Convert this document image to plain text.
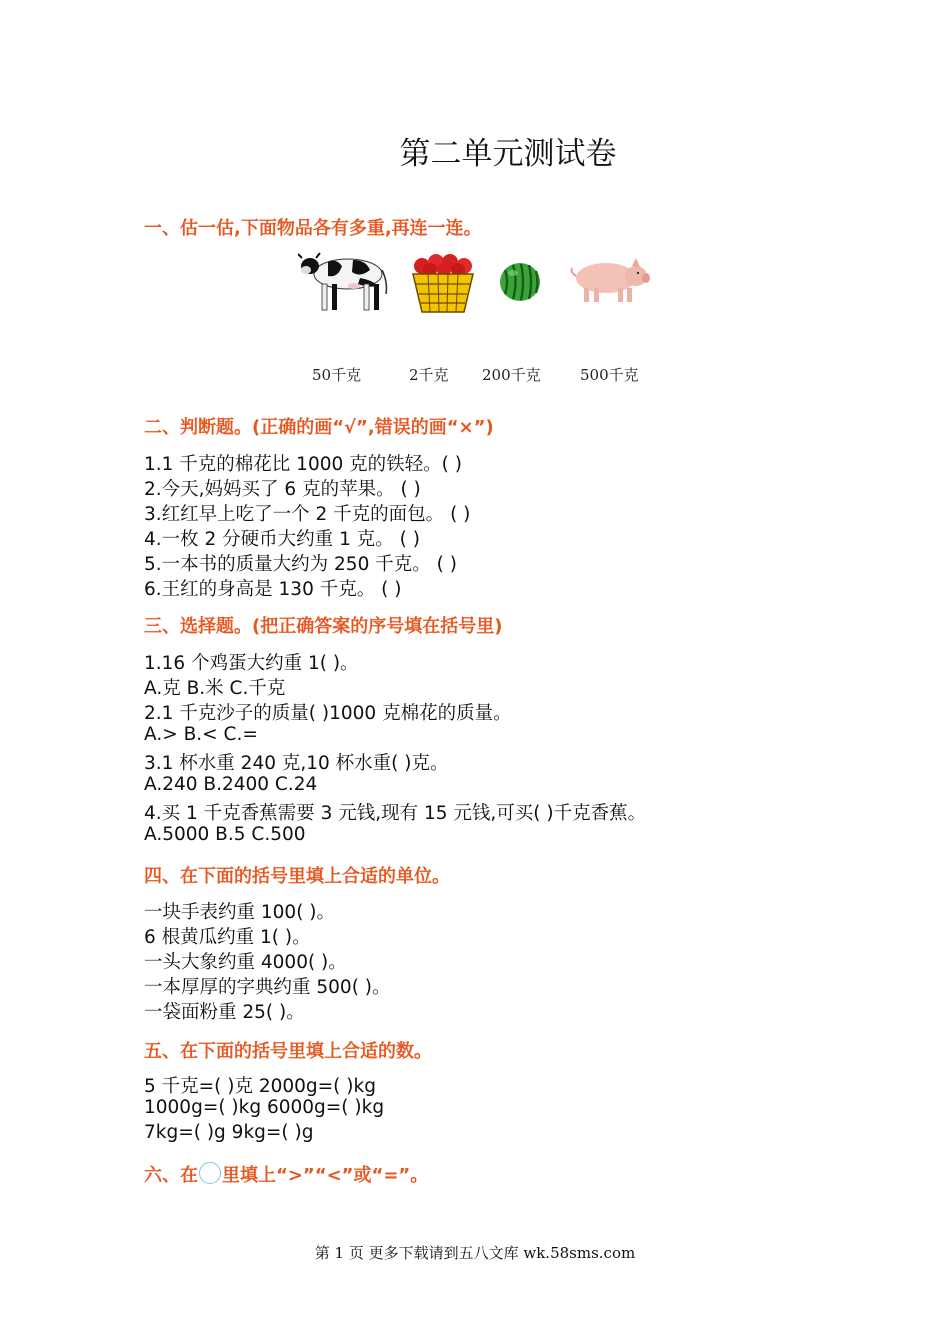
第二单元测试卷
一、估一估,下面物品各有多重,再连一连。
50千克	2千克 200千克	500千克
二、判断题。(正确的画“√”,错误的画“×”)
1.1 千克的棉花比 1000 克的铁轻。( )
2.今天,妈妈买了 6 克的苹果。 ( )
3.红红早上吃了一个 2 千克的面包。 ( )
4.一枚 2 分硬币大约重 1 克。 ( )
5.一本书的质量大约为 250 千克。 ( )
6.王红的身高是 130 千克。 ( )
三、选择题。(把正确答案的序号填在括号里)
1.16 个鸡蛋大约重 1( )。
A.克 B.米 C.千克
2.1 千克沙子的质量( )1000 克棉花的质量。
A.> B.< C.=
3.1 杯水重 240 克,10 杯水重( )克。
A.240 B.2400 C.24
4.买 1 千克香蕉需要 3 元钱,现有 15 元钱,可买( )千克香蕉。
A.5000 B.5 C.500
四、在下面的括号里填上合适的单位。
一块手表约重 100( )。
6 根黄瓜约重 1( )。
一头大象约重 4000( )。
一本厚厚的字典约重 500( )。
一袋面粉重 25( )。
五、在下面的括号里填上合适的数。
5 千克=( )克 2000g=( )kg
1000g=( )kg 6000g=( )kg
7kg=( )g 9kg=( )g
六、在 里填上“>”“<”或“=”。
第 1 页 更多下载请到五八文库 wk.58sms.com
